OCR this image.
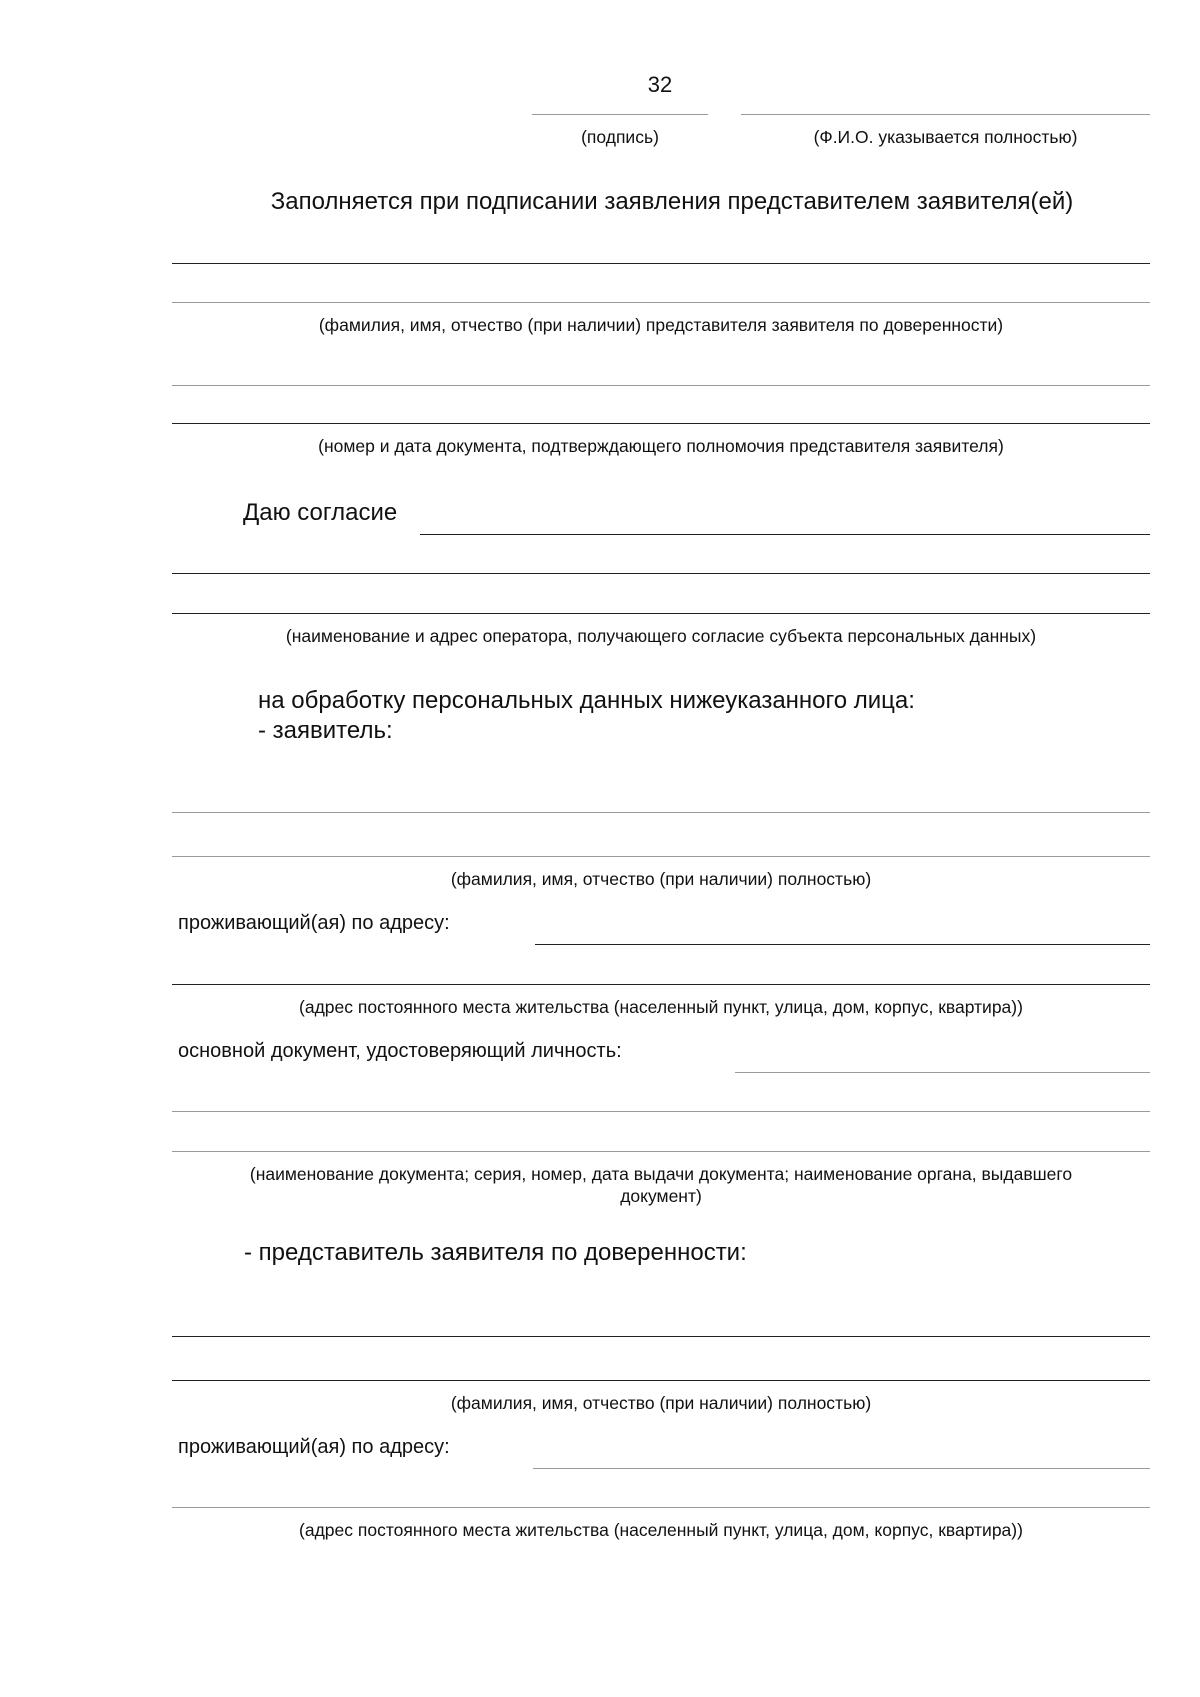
32
(подпись)	(Ф.И.О. указывается полностью)
Заполняется при подписании заявления представителем заявителя(ей)
(фамилия, имя, отчество (при наличии) представителя заявителя по доверенности)
(номер и дата документа, подтверждающего полномочия представителя заявителя)
Даю согласие
(наименование и адрес оператора, получающего согласие субъекта персональных данных)
на обработку персональных данных нижеуказанного лица:
- заявитель:
(фамилия, имя, отчество (при наличии) полностью)
проживающий(ая) по адресу:
(адрес постоянного места жительства (населенный пункт, улица, дом, корпус, квартира))
основной документ, удостоверяющий личность:
(наименование документа; серия, номер, дата выдачи документа; наименование органа, выдавшего
документ)
- представитель заявителя по доверенности:
(фамилия, имя, отчество (при наличии) полностью)
проживающий(ая) по адресу:
(адрес постоянного места жительства (населенный пункт, улица, дом, корпус, квартира))
